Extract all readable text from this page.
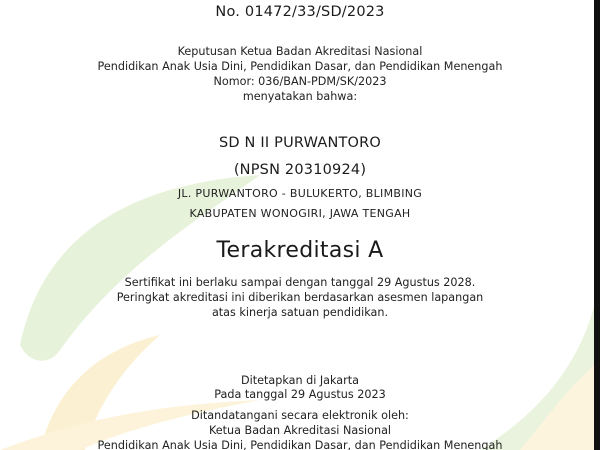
No. 01472/33/SD/2023
Keputusan Ketua Badan Akreditasi Nasional
Pendidikan Anak Usia Dini, Pendidikan Dasar, dan Pendidikan Menengah
Nomor: 036/BAN-PDM/SK/2023
menyatakan bahwa:
SD N II PURWANTORO
(NPSN 20310924)
JL. PURWANTORO - BULUKERTO, BLIMBING
KABUPATEN WONOGIRI, JAWA TENGAH
Terakreditasi A
Sertifikat ini berlaku sampai dengan tanggal 29 Agustus 2028.
Peringkat akreditasi ini diberikan berdasarkan asesmen lapangan
atas kinerja satuan pendidikan.
Ditetapkan di Jakarta
Pada tanggal 29 Agustus 2023
Ditandatangani secara elektronik oleh:
Ketua Badan Akreditasi Nasional
Pendidikan Anak Usia Dini, Pendidikan Dasar, dan Pendidikan Menengah
